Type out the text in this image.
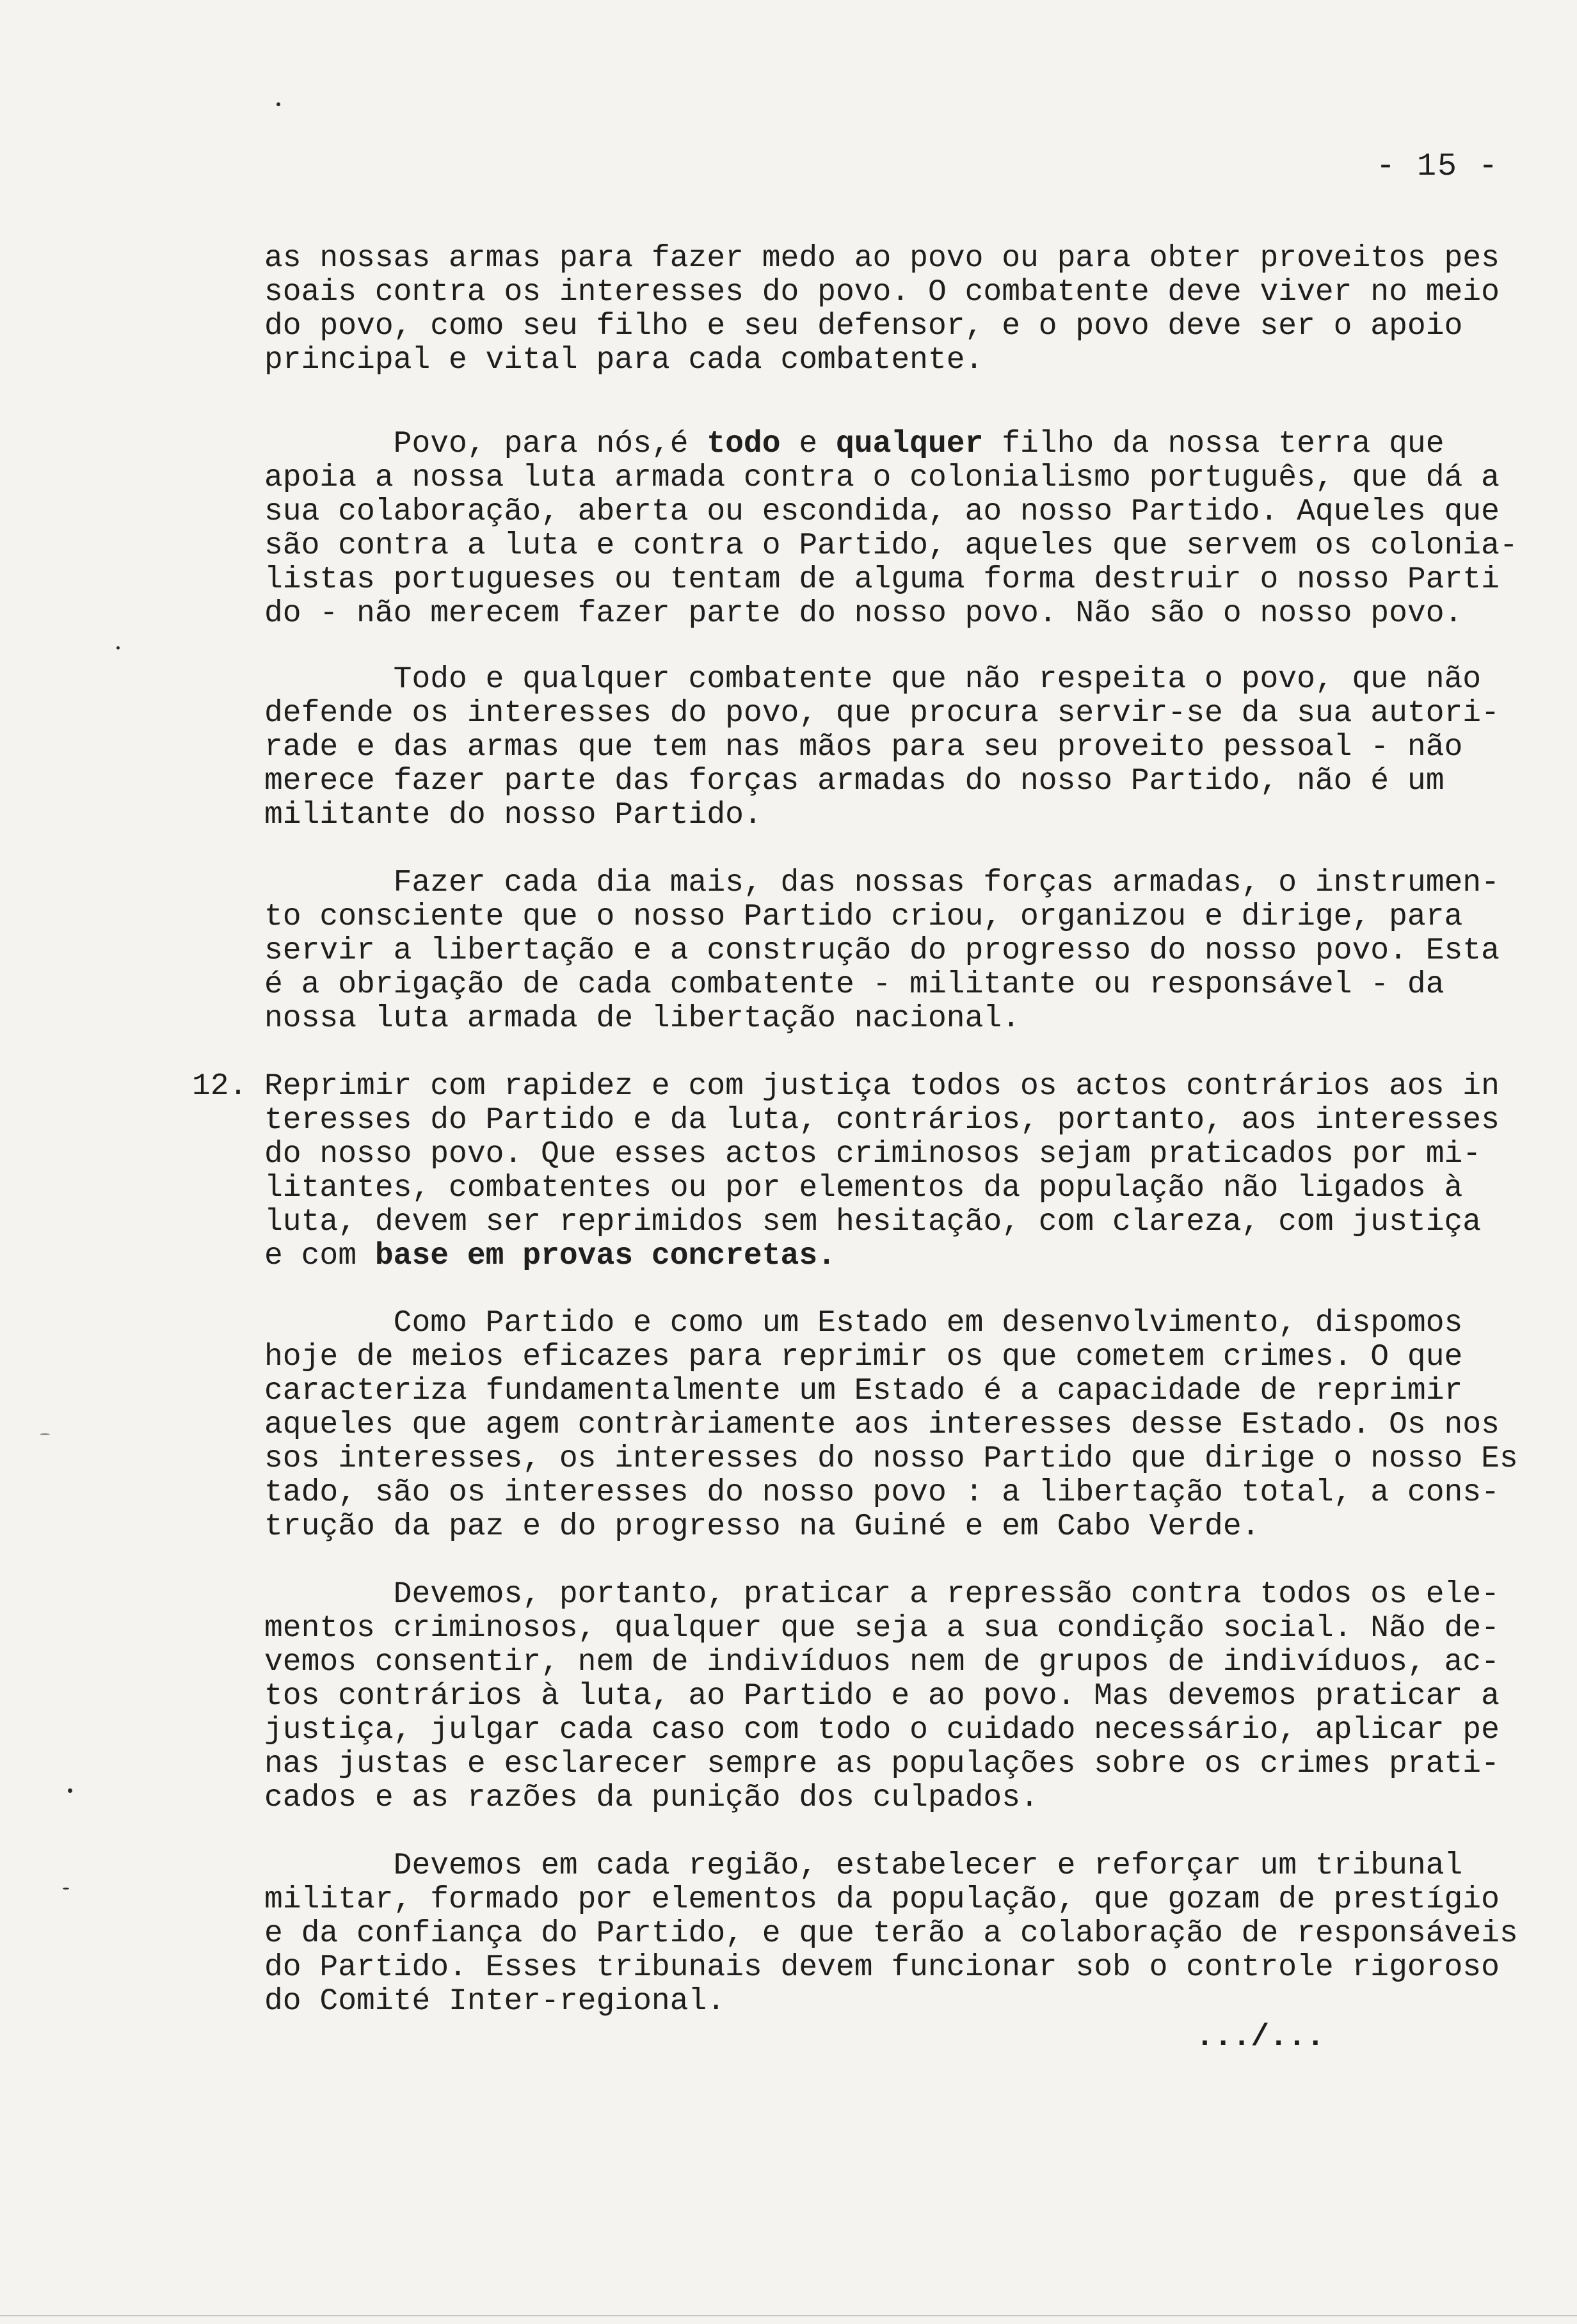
- 15 -
as nossas armas para fazer medo ao povo ou para obter proveitos pes
soais contra os interesses do povo. O combatente deve viver no meio
do povo, como seu filho e seu defensor, e o povo deve ser o apoio
principal e vital para cada combatente.
Povo, para nós,é todo e qualquer filho da nossa terra que
apoia a nossa luta armada contra o colonialismo português, que dá a
sua colaboração, aberta ou escondida, ao nosso Partido. Aqueles que
são contra a luta e contra o Partido, aqueles que servem os colonia-
listas portugueses ou tentam de alguma forma destruir o nosso Parti
do - não merecem fazer parte do nosso povo. Não são o nosso povo.
Todo e qualquer combatente que não respeita o povo, que não
defende os interesses do povo, que procura servir-se da sua autori-
rade e das armas que tem nas mãos para seu proveito pessoal - não
merece fazer parte das forças armadas do nosso Partido, não é um
militante do nosso Partido.
Fazer cada dia mais, das nossas forças armadas, o instrumen-
to consciente que o nosso Partido criou, organizou e dirige, para
servir a libertação e a construção do progresso do nosso povo. Esta
é a obrigação de cada combatente - militante ou responsável - da
nossa luta armada de libertação nacional.
12. Reprimir com rapidez e com justiça todos os actos contrários aos in
teresses do Partido e da luta, contrários, portanto, aos interesses
do nosso povo. Que esses actos criminosos sejam praticados por mi-
litantes, combatentes ou por elementos da população não ligados à
luta, devem ser reprimidos sem hesitação, com clareza, com justiça
e com base em provas concretas.
Como Partido e como um Estado em desenvolvimento, dispomos
hoje de meios eficazes para reprimir os que cometem crimes. O que
caracteriza fundamentalmente um Estado é a capacidade de reprimir
aqueles que agem contràriamente aos interesses desse Estado. Os nos
sos interesses, os interesses do nosso Partido que dirige o nosso Es
tado, são os interesses do nosso povo : a libertação total, a cons-
trução da paz e do progresso na Guiné e em Cabo Verde.
Devemos, portanto, praticar a repressão contra todos os ele-
mentos criminosos, qualquer que seja a sua condição social. Não de-
vemos consentir, nem de indivíduos nem de grupos de indivíduos, ac-
tos contrários à luta, ao Partido e ao povo. Mas devemos praticar a
justiça, julgar cada caso com todo o cuidado necessário, aplicar pe
nas justas e esclarecer sempre as populações sobre os crimes prati-
cados e as razões da punição dos culpados.
Devemos em cada região, estabelecer e reforçar um tribunal
militar, formado por elementos da população, que gozam de prestígio
e da confiança do Partido, e que terão a colaboração de responsáveis
do Partido. Esses tribunais devem funcionar sob o controle rigoroso
do Comité Inter-regional.
.../...
